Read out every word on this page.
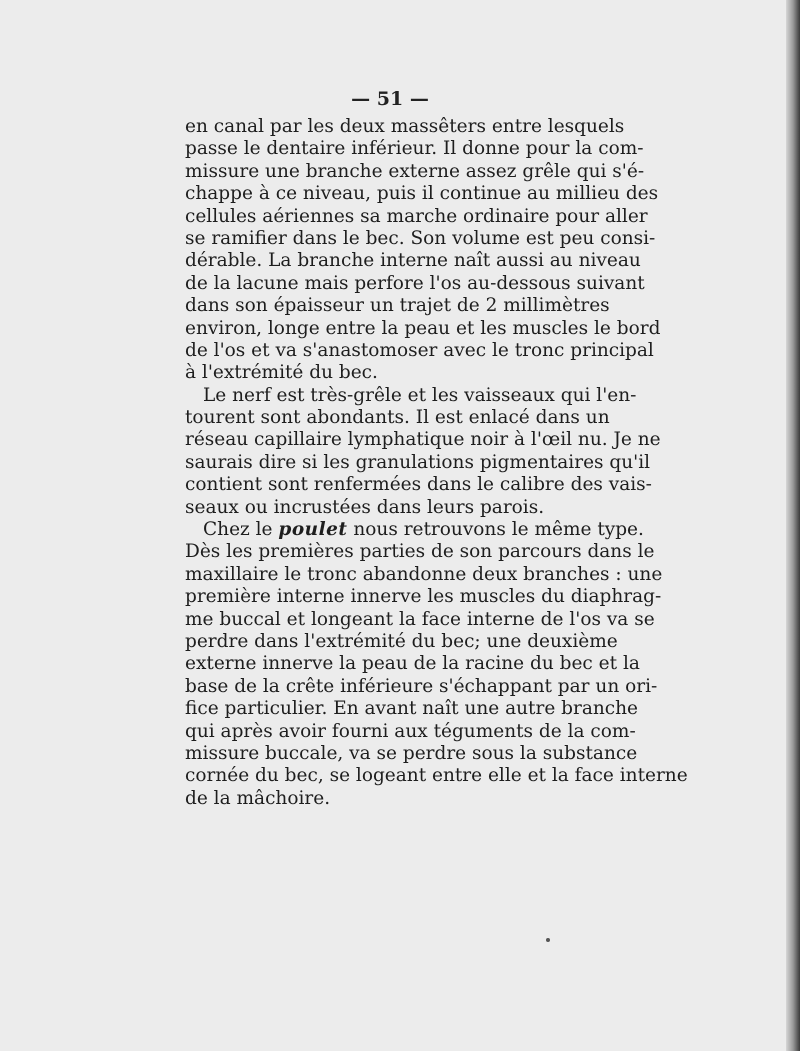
— 51 —
en canal par les deux massêters entre lesquels
passe le dentaire inférieur. Il donne pour la com-
missure une branche externe assez grêle qui s'é-
chappe à ce niveau, puis il continue au millieu des
cellules aériennes sa marche ordinaire pour aller
se ramifier dans le bec. Son volume est peu consi-
dérable. La branche interne naît aussi au niveau
de la lacune mais perfore l'os au-dessous suivant
dans son épaisseur un trajet de 2 millimètres
environ, longe entre la peau et les muscles le bord
de l'os et va s'anastomoser avec le tronc principal
à l'extrémité du bec.
Le nerf est très-grêle et les vaisseaux qui l'en-
tourent sont abondants. Il est enlacé dans un
réseau capillaire lymphatique noir à l'œil nu. Je ne
saurais dire si les granulations pigmentaires qu'il
contient sont renfermées dans le calibre des vais-
seaux ou incrustées dans leurs parois.
Chez le poulet nous retrouvons le même type.
Dès les premières parties de son parcours dans le
maxillaire le tronc abandonne deux branches : une
première interne innerve les muscles du diaphrag-
me buccal et longeant la face interne de l'os va se
perdre dans l'extrémité du bec; une deuxième
externe innerve la peau de la racine du bec et la
base de la crête inférieure s'échappant par un ori-
fice particulier. En avant naît une autre branche
qui après avoir fourni aux téguments de la com-
missure buccale, va se perdre sous la substance
cornée du bec, se logeant entre elle et la face interne
de la mâchoire.
